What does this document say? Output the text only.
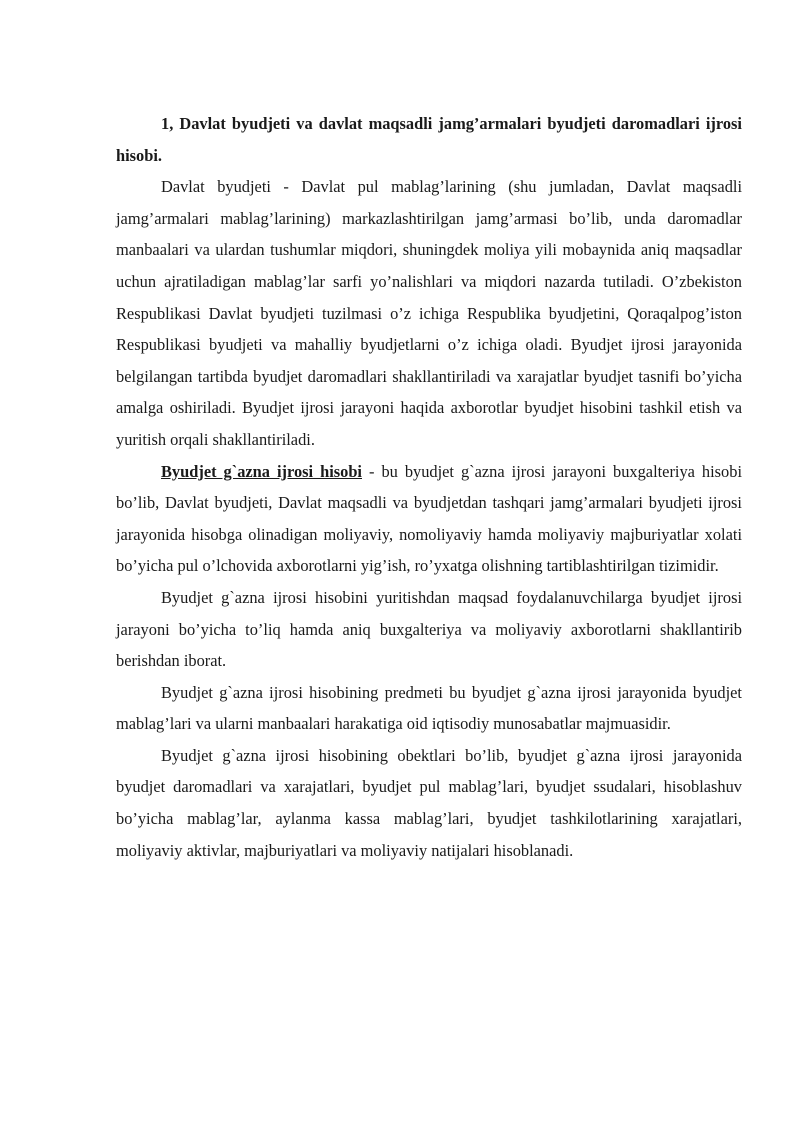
1, Davlat byudjeti va davlat maqsadli jamg’armalari byudjeti daromadlari ijrosi hisobi.

Davlat byudjeti - Davlat pul mablag’larining (shu jumladan, Davlat maqsadli jamg’armalari mablag’larining) markazlashtirilgan jamg’armasi bo’lib, unda daromadlar manbaalari va ulardan tushumlar miqdori, shuningdek moliya yili mobaynida aniq maqsadlar uchun ajratiladigan mablag’lar sarfi yo’nalishlari va miqdori nazarda tutiladi. O’zbekiston Respublikasi Davlat byudjeti tuzilmasi o’z ichiga Respublika byudjetini, Qoraqalpog’iston Respublikasi byudjeti va mahalliy byudjetlarni o’z ichiga oladi. Byudjet ijrosi jarayonida belgilangan tartibda byudjet daromadlari shakllantiriladi va xarajatlar byudjet tasnifi bo’yicha amalga oshiriladi. Byudjet ijrosi jarayoni haqida axborotlar byudjet hisobini tashkil etish va yuritish orqali shakllantiriladi.

Byudjet g`azna ijrosi hisobi - bu byudjet g`azna ijrosi jarayoni buxgalteriya hisobi bo’lib, Davlat byudjeti, Davlat maqsadli va byudjetdan tashqari jamg’armalari byudjeti ijrosi jarayonida hisobga olinadigan moliyaviy, nomoliyaviy hamda moliyaviy majburiyatlar xolati bo’yicha pul o’lchovida axborotlarni yig’ish, ro’yxatga olishning tartiblashtirilgan tizimidir.

Byudjet g`azna ijrosi hisobini yuritishdan maqsad foydalanuvchilarga byudjet ijrosi jarayoni bo’yicha to’liq hamda aniq buxgalteriya va moliyaviy axborotlarni shakllantirib berishdan iborat.

Byudjet g`azna ijrosi hisobining predmeti bu byudjet g`azna ijrosi jarayonida byudjet mablag’lari va ularni manbaalari harakatiga oid iqtisodiy munosabatlar majmuasidir.

Byudjet g`azna ijrosi hisobining obektlari bo’lib, byudjet g`azna ijrosi jarayonida byudjet daromadlari va xarajatlari, byudjet pul mablag’lari, byudjet ssudalari, hisoblashuv bo’yicha mablag’lar, aylanma kassa mablag’lari, byudjet tashkilotlarining xarajatlari, moliyaviy aktivlar, majburiyatlari va moliyaviy natijalari hisoblanadi.
